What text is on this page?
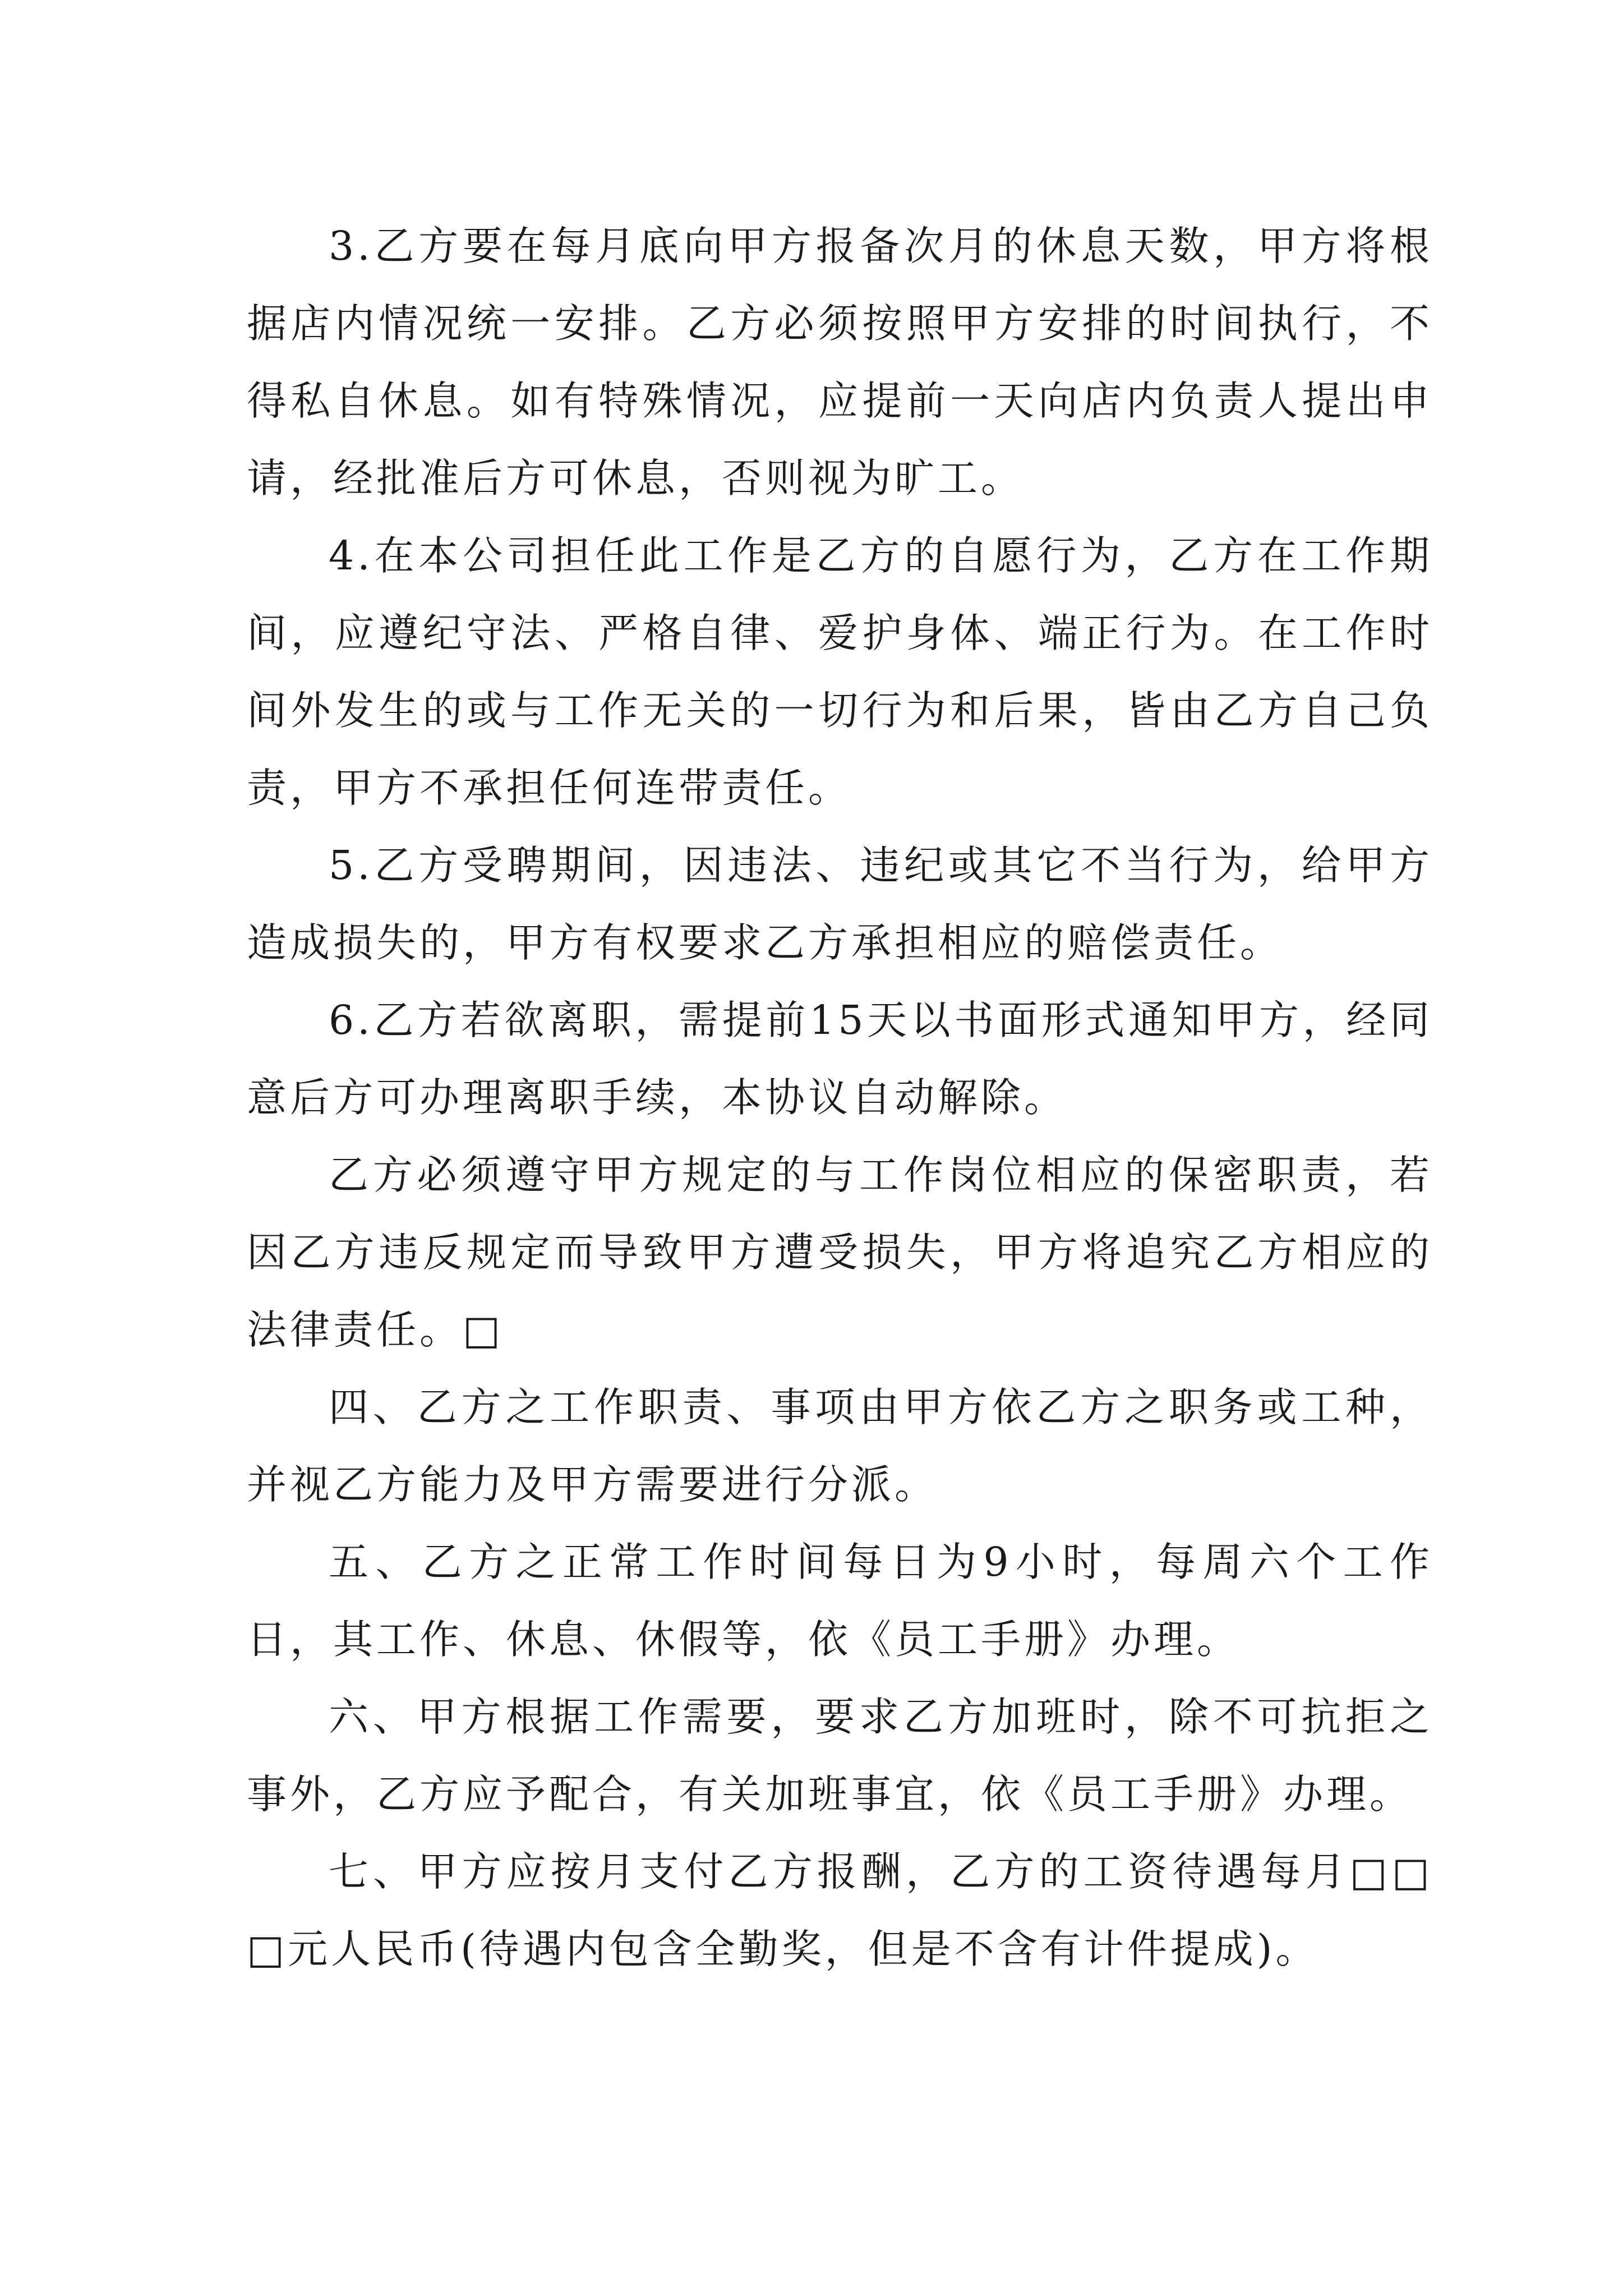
3.乙方要在每月底向甲方报备次月的休息天数，甲方将根据店内情况统一安排。乙方必须按照甲方安排的时间执行，不得私自休息。如有特殊情况，应提前一天向店内负责人提出申请，经批准后方可休息，否则视为旷工。

4.在本公司担任此工作是乙方的自愿行为，乙方在工作期间，应遵纪守法、严格自律、爱护身体、端正行为。在工作时间外发生的或与工作无关的一切行为和后果，皆由乙方自己负责，甲方不承担任何连带责任。

5.乙方受聘期间，因违法、违纪或其它不当行为，给甲方造成损失的，甲方有权要求乙方承担相应的赔偿责任。

6.乙方若欲离职，需提前15天以书面形式通知甲方，经同意后方可办理离职手续，本协议自动解除。

乙方必须遵守甲方规定的与工作岗位相应的保密职责，若因乙方违反规定而导致甲方遭受损失，甲方将追究乙方相应的法律责任。□

四、乙方之工作职责、事项由甲方依乙方之职务或工种，并视乙方能力及甲方需要进行分派。

五、乙方之正常工作时间每日为9小时，每周六个工作日，其工作、休息、休假等，依《员工手册》办理。

六、甲方根据工作需要，要求乙方加班时，除不可抗拒之事外，乙方应予配合，有关加班事宜，依《员工手册》办理。

七、甲方应按月支付乙方报酬，乙方的工资待遇每月□□□元人民币(待遇内包含全勤奖，但是不含有计件提成)。
